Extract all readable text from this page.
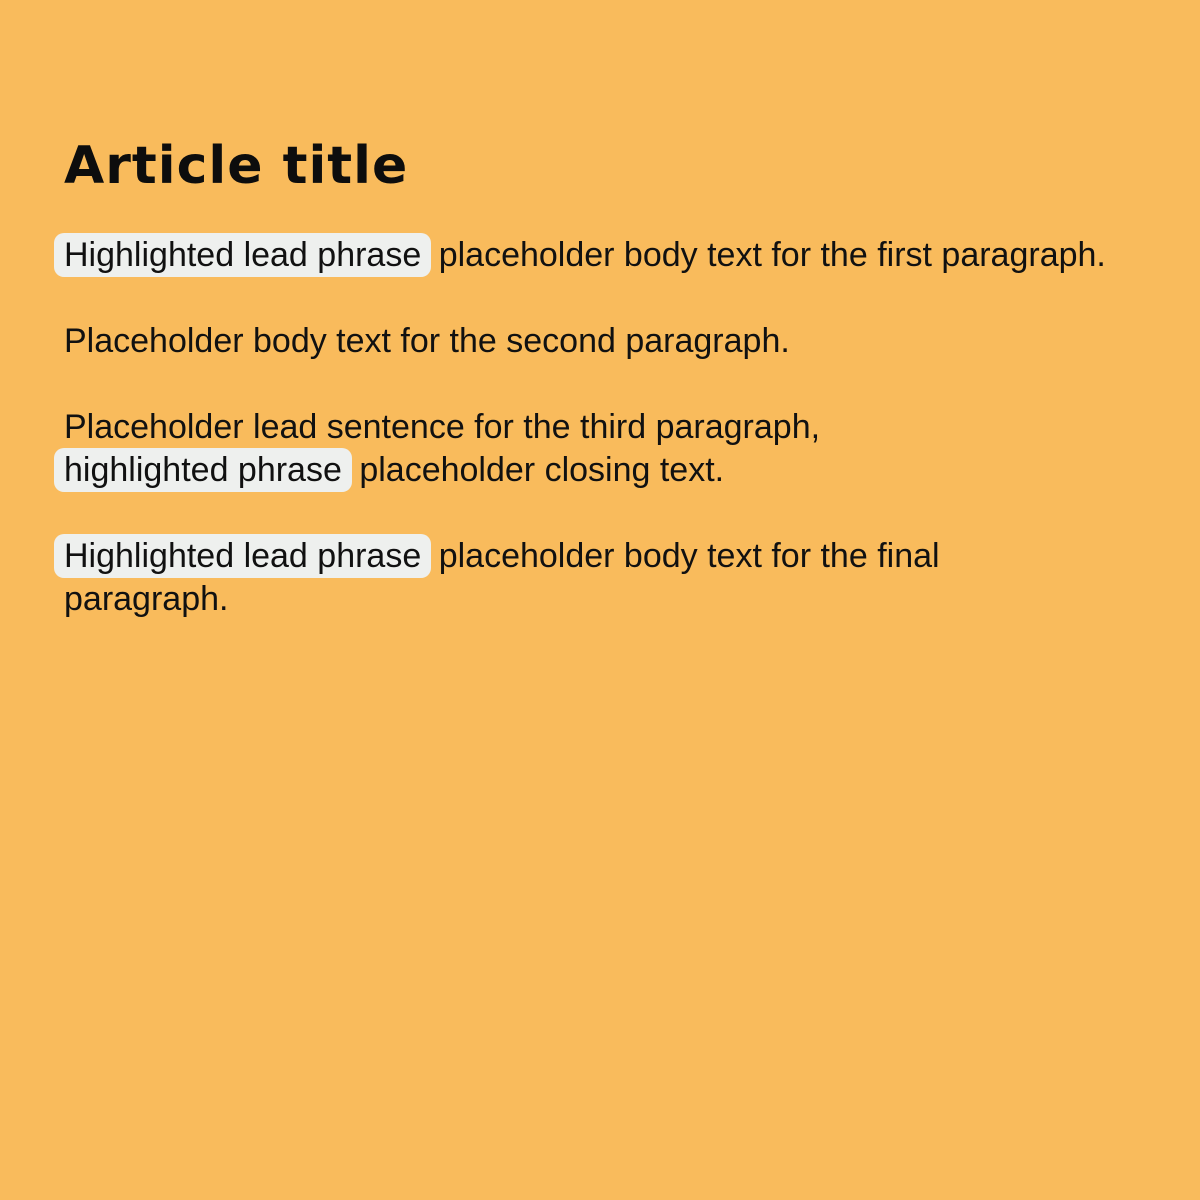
Article title

Highlighted lead phrase placeholder body text for the first paragraph.

Placeholder body text for the second paragraph.

Placeholder lead sentence for the third paragraph,
highlighted phrase placeholder closing text.

Highlighted lead phrase placeholder body text for the final paragraph.
